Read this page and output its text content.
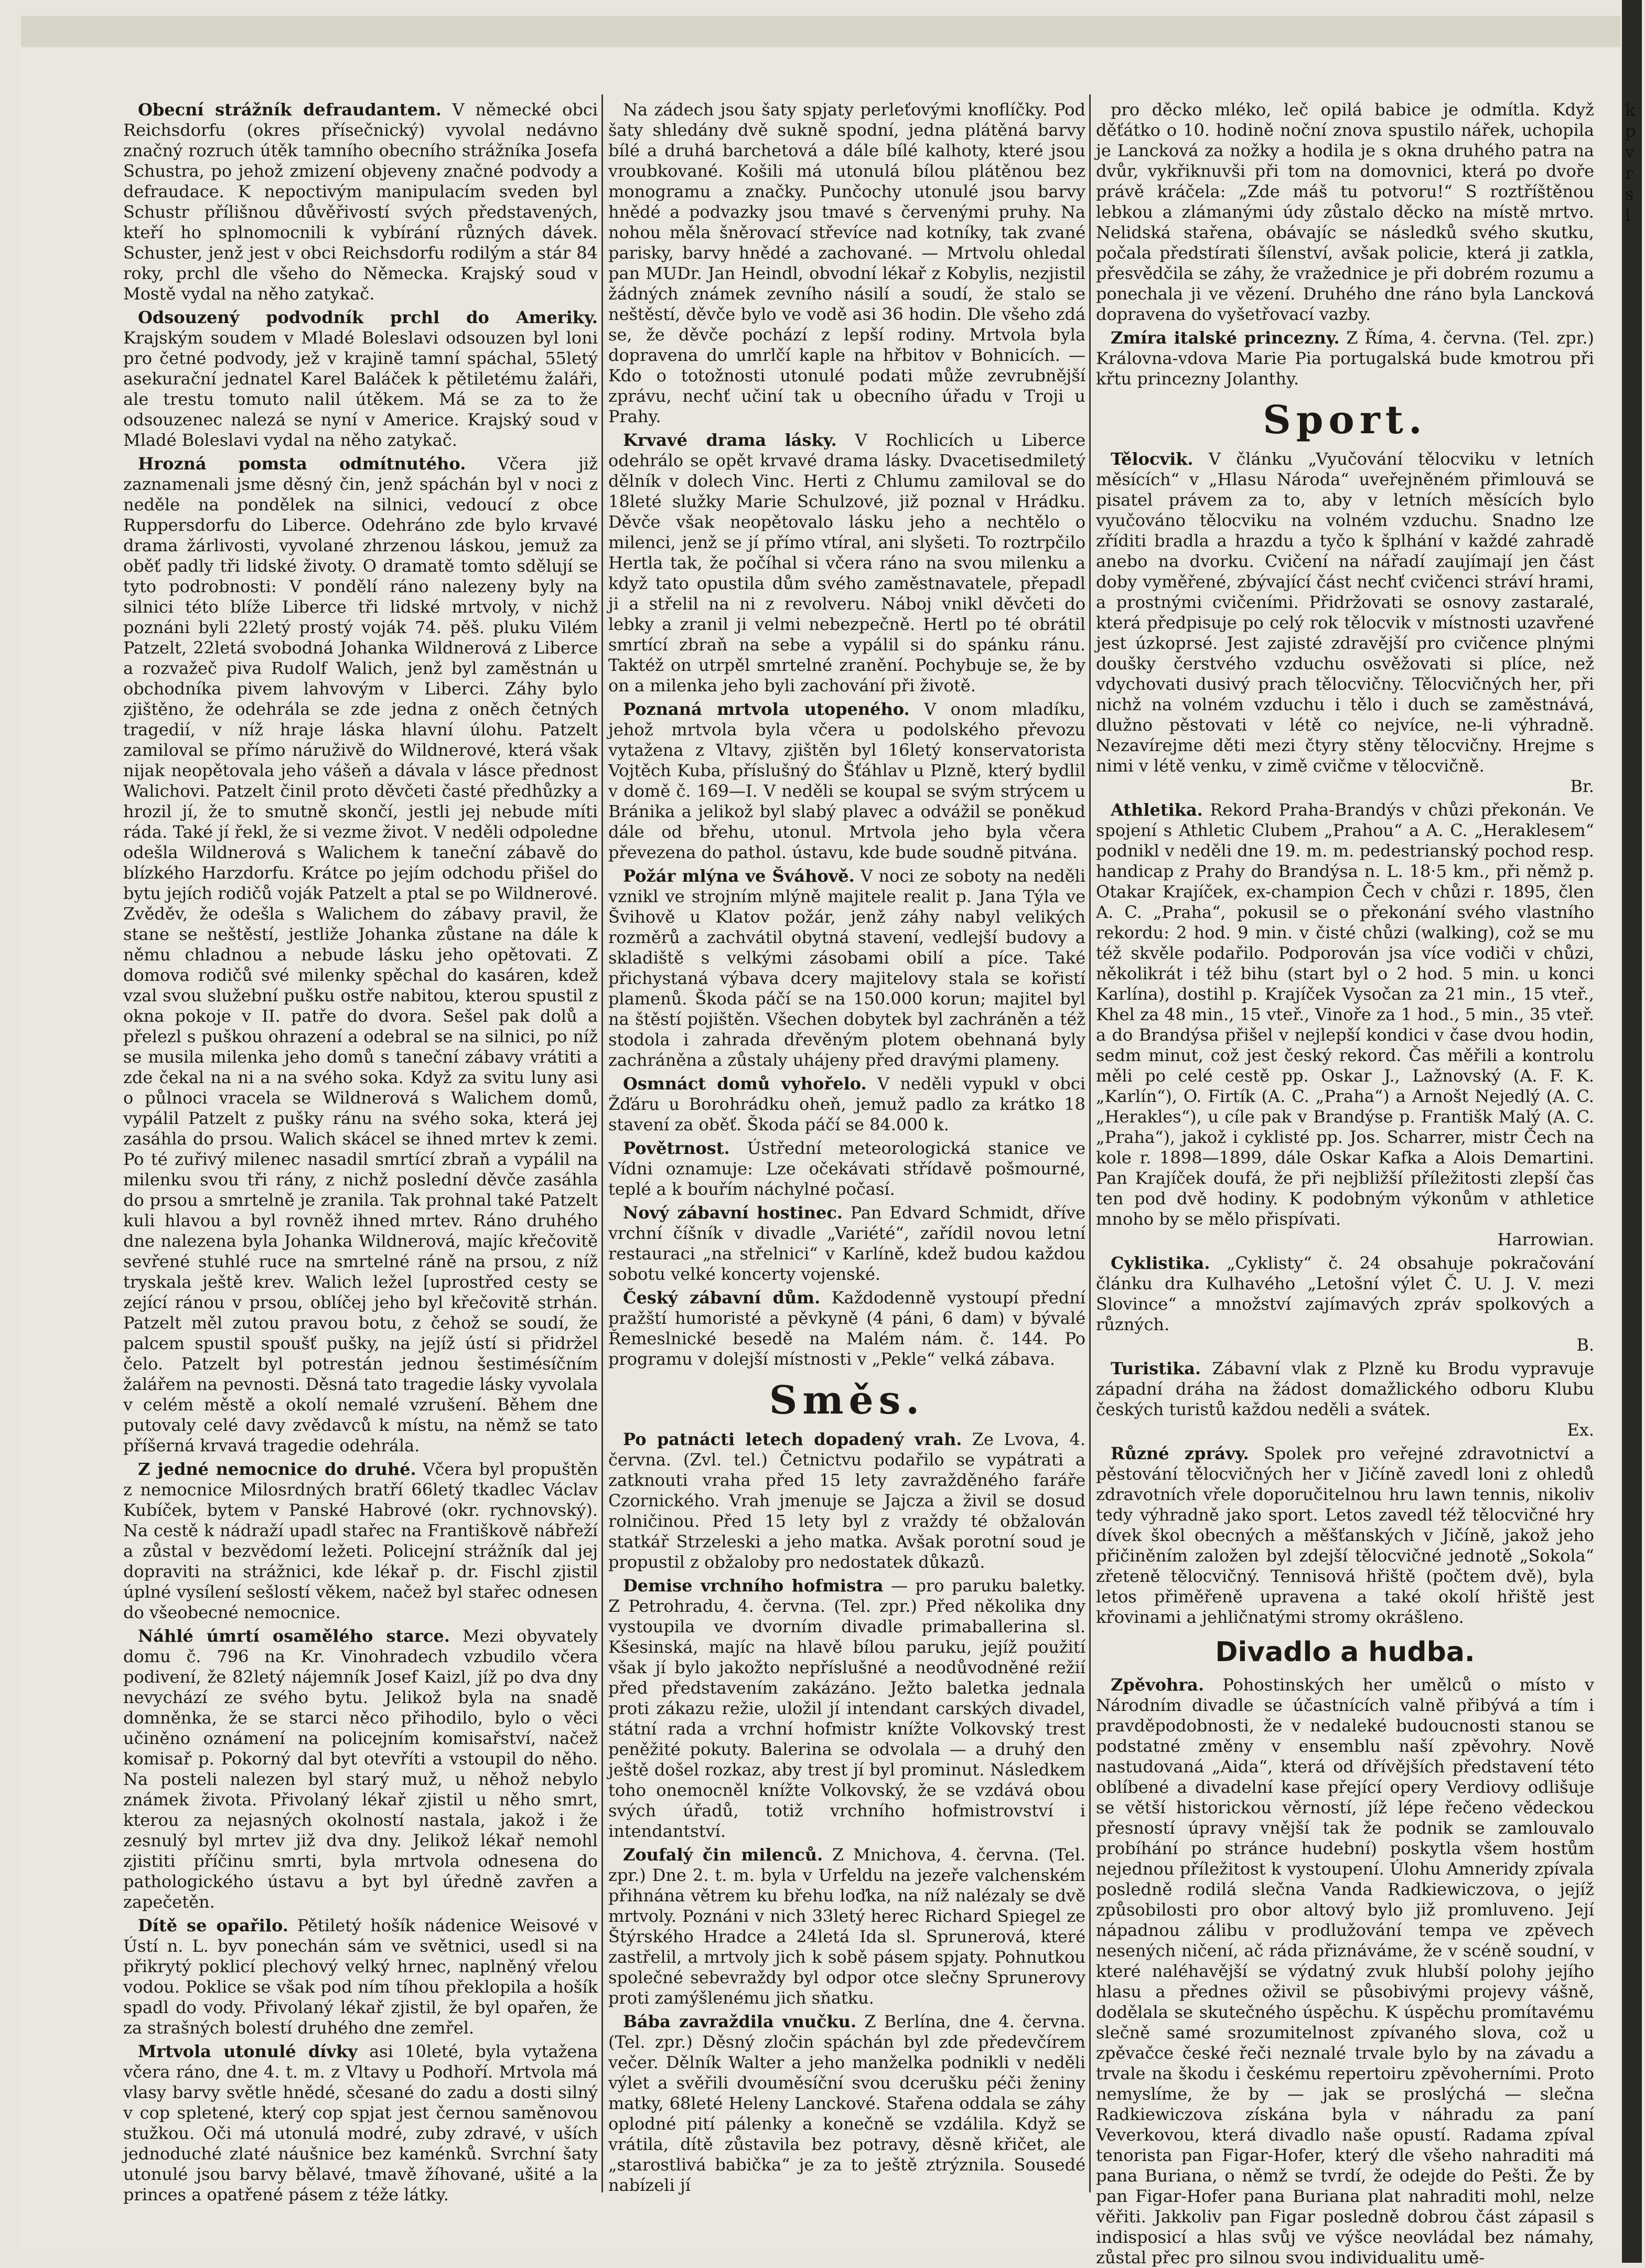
Obecní strážník defraudantem. V německé obci Reichsdorfu (okres přísečnický) vyvolal nedávno značný rozruch útěk tamního obecního strážníka Josefa Schustra, po jehož zmizení objeveny značné podvody a defraudace. K nepoctivým manipulacím sveden byl Schustr přílišnou důvěřivostí svých představených, kteří ho splnomocnili k vybírání různých dávek. Schuster, jenž jest v obci Reichsdorfu rodilým a stár 84 roky, prchl dle všeho do Německa. Krajský soud v Mostě vydal na něho zatykač.

Odsouzený podvodník prchl do Ameriky. Krajským soudem v Mladé Boleslavi odsouzen byl loni pro četné podvody, jež v krajině tamní spáchal, 55letý asekurační jednatel Karel Baláček k pětiletému žaláři, ale trestu tomuto nalil útěkem. Má se za to že odsouzenec nalezá se nyní v Americe. Krajský soud v Mladé Boleslavi vydal na něho zatykač.

Hrozná pomsta odmítnutého. Včera již zaznamenali jsme děsný čin, jenž spáchán byl v noci z neděle na pondělek na silnici, vedoucí z obce Ruppersdorfu do Liberce. Odehráno zde bylo krvavé drama žárlivosti, vyvolané zhrzenou láskou, jemuž za oběť padly tři lidské životy. O dramatě tomto sdělují se tyto podrobnosti: V pondělí ráno nalezeny byly na silnici této blíže Liberce tři lidské mrtvoly, v nichž poznáni byli 22letý prostý voják 74. pěš. pluku Vilém Patzelt, 22letá svobodná Johanka Wildnerová z Liberce a rozvažeč piva Rudolf Walich, jenž byl zaměstnán u obchodníka pivem lahvovým v Liberci. Záhy bylo zjištěno, že odehrála se zde jedna z oněch četných tragedií, v níž hraje láska hlavní úlohu. Patzelt zamiloval se přímo náruživě do Wildnerové, která však nijak neopětovala jeho vášeň a dávala v lásce přednost Walichovi. Patzelt činil proto děvčeti časté předhůzky a hrozil jí, že to smutně skončí, jestli jej nebude míti ráda. Také jí řekl, že si vezme život. V neděli odpoledne odešla Wildnerová s Walichem k taneční zábavě do blízkého Harzdorfu. Krátce po jejím odchodu přišel do bytu jejích rodičů voják Patzelt a ptal se po Wildnerové. Zvěděv, že odešla s Walichem do zábavy pravil, že stane se neštěstí, jestliže Johanka zůstane na dále k němu chladnou a nebude lásku jeho opětovati. Z domova rodičů své milenky spěchal do kasáren, kdež vzal svou služební pušku ostře nabitou, kterou spustil z okna pokoje v II. patře do dvora. Sešel pak dolů a přelezl s puškou ohrazení a odebral se na silnici, po níž se musila milenka jeho domů s taneční zábavy vrátiti a zde čekal na ni a na svého soka. Když za svitu luny asi o půlnoci vracela se Wildnerová s Walichem domů, vypálil Patzelt z pušky ránu na svého soka, která jej zasáhla do prsou. Walich skácel se ihned mrtev k zemi. Po té zuřivý milenec nasadil smrtící zbraň a vypálil na milenku svou tři rány, z nichž poslední děvče zasáhla do prsou a smrtelně je zranila. Tak prohnal také Patzelt kuli hlavou a byl rovněž ihned mrtev. Ráno druhého dne nalezena byla Johanka Wildnerová, majíc křečovitě sevřené stuhlé ruce na smrtelné ráně na prsou, z níž tryskala ještě krev. Walich ležel [uprostřed cesty se zející ránou v prsou, oblíčej jeho byl křečovitě strhán. Patzelt měl zutou pravou botu, z čehož se soudí, že palcem spustil spoušť pušky, na jejíž ústí si přidržel čelo. Patzelt byl potrestán jednou šestimésíčním žalářem na pevnosti. Děsná tato tragedie lásky vyvolala v celém městě a okolí nemalé vzrušení. Během dne putovaly celé davy zvědavců k místu, na němž se tato příšerná krvavá tragedie odehrála.

Z jedné nemocnice do druhé. Včera byl propuštěn z nemocnice Milosrdných bratří 66letý tkadlec Václav Kubíček, bytem v Panské Habrové (okr. rychnovský). Na cestě k nádraží upadl stařec na Františkově nábřeží a zůstal v bezvědomí ležeti. Policejní strážník dal jej dopraviti na strážnici, kde lékař p. dr. Fischl zjistil úplné vysílení sešlostí věkem, načež byl stařec odnesen do všeobecné nemocnice.

Náhlé úmrtí osamělého starce. Mezi obyvately domu č. 796 na Kr. Vinohradech vzbudilo včera podivení, že 82letý nájemník Josef Kaizl, jíž po dva dny nevychází ze svého bytu. Jelikož byla na snadě domněnka, že se starci něco přihodilo, bylo o věci učiněno oznámení na policejním komisařství, načež komisař p. Pokorný dal byt otevříti a vstoupil do něho. Na posteli nalezen byl starý muž, u něhož nebylo známek života. Přivolaný lékař zjistil u něho smrt, kterou za nejasných okolností nastala, jakož i že zesnulý byl mrtev již dva dny. Jelikož lékař nemohl zjistiti příčinu smrti, byla mrtvola odnesena do pathologického ústavu a byt byl úředně zavřen a zapečetěn.

Dítě se opařilo. Pětiletý hošík nádenice Weisové v Ústí n. L. byv ponechán sám ve světnici, usedl si na přikrytý poklicí plechový velký hrnec, naplněný vřelou vodou. Poklice se však pod ním tíhou překlopila a hošík spadl do vody. Přivolaný lékař zjistil, že byl opařen, že za strašných bolestí druhého dne zemřel.

Mrtvola utonulé dívky asi 10leté, byla vytažena včera ráno, dne 4. t. m. z Vltavy u Podhoří. Mrtvola má vlasy barvy světle hnědé, sčesané do zadu a dosti silný v cop spletené, který cop spjat jest černou saměnovou stužkou. Oči má utonulá modré, zuby zdravé, v uších jednoduché zlaté náušnice bez kaménků. Svrchní šaty utonulé jsou barvy bělavé, tmavě žíhované, ušité a la princes a opatřené pásem z téže látky.

Na zádech jsou šaty spjaty perleťovými knoflíčky. Pod šaty shledány dvě sukně spodní, jedna plátěná barvy bílé a druhá barchetová a dále bílé kalhoty, které jsou vroubkované. Košili má utonulá bílou plátěnou bez monogramu a značky. Punčochy utonulé jsou barvy hnědé a podvazky jsou tmavé s červenými pruhy. Na nohou měla šněrovací střevíce nad kotníky, tak zvané parisky, barvy hnědé a zachované. — Mrtvolu ohledal pan MUDr. Jan Heindl, obvodní lékař z Kobylis, nezjistil žádných známek zevního násilí a soudí, že stalo se neštěstí, děvče bylo ve vodě asi 36 hodin. Dle všeho zdá se, že děvče pochází z lepší rodiny. Mrtvola byla dopravena do umrlčí kaple na hřbitov v Bohnicích. — Kdo o totožnosti utonulé podati může zevrubnější zprávu, nechť učiní tak u obecního úřadu v Troji u Prahy.

Krvavé drama lásky. V Rochlicích u Liberce odehrálo se opět krvavé drama lásky. Dvacetisedmiletý dělník v dolech Vinc. Herti z Chlumu zamiloval se do 18leté služky Marie Schulzové, již poznal v Hrádku. Děvče však neopětovalo lásku jeho a nechtělo o milenci, jenž se jí přímo vtíral, ani slyšeti. To roztrpčilo Hertla tak, že počíhal si včera ráno na svou milenku a když tato opustila dům svého zaměstnavatele, přepadl ji a střelil na ni z revolveru. Náboj vnikl děvčeti do lebky a zranil ji velmi nebezpečně. Hertl po té obrátil smrtící zbraň na sebe a vypálil si do spánku ránu. Taktéž on utrpěl smrtelné zranění. Pochybuje se, že by on a milenka jeho byli zachování při životě.

Poznaná mrtvola utopeného. V onom mladíku, jehož mrtvola byla včera u podolského převozu vytažena z Vltavy, zjištěn byl 16letý konservatorista Vojtěch Kuba, příslušný do Šťáhlav u Plzně, který bydlil v domě č. 169—I. V neděli se koupal se svým strýcem u Bránika a jelikož byl slabý plavec a odvážil se poněkud dále od břehu, utonul. Mrtvola jeho byla včera převezena do pathol. ústavu, kde bude soudně pitvána.

Požár mlýna ve Šváhově. V noci ze soboty na neděli vznikl ve strojním mlýně majitele realit p. Jana Týla ve Švihově u Klatov požár, jenž záhy nabyl velikých rozměrů a zachvátil obytná stavení, vedlejší budovy a skladiště s velkými zásobami obilí a píce. Také přichystaná výbava dcery majitelovy stala se kořistí plamenů. Škoda páčí se na 150.000 korun; majitel byl na štěstí pojištěn. Všechen dobytek byl zachráněn a též stodola i zahrada dřevěným plotem obehnaná byly zachráněna a zůstaly uhájeny před dravými plameny.

Osmnáct domů vyhořelo. V neděli vypukl v obci Žďáru u Borohrádku oheň, jemuž padlo za krátko 18 stavení za oběť. Škoda páčí se 84.000 k.

Povětrnost. Ústřední meteorologická stanice ve Vídni oznamuje: Lze očekávati střídavě pošmourné, teplé a k bouřím náchylné počasí.

Nový zábavní hostinec. Pan Edvard Schmidt, dříve vrchní číšník v divadle „Variété“, zařídil novou letní restauraci „na střelnici“ v Karlíně, kdež budou každou sobotu velké koncerty vojenské.

Český zábavní dům. Každodenně vystoupí přední pražští humoristé a pěvkyně (4 páni, 6 dam) v bývalé Řemeslnické besedě na Malém nám. č. 144. Po programu v dolejší místnosti v „Pekle“ velká zábava.

Směs.

Po patnácti letech dopadený vrah. Ze Lvova, 4. června. (Zvl. tel.) Četnictvu podařilo se vypátrati a zatknouti vraha před 15 lety zavražděného faráře Czornického. Vrah jmenuje se Jajcza a živil se dosud rolničinou. Před 15 lety byl z vraždy té obžalován statkář Strzeleski a jeho matka. Avšak porotní soud je propustil z obžaloby pro nedostatek důkazů.

Demise vrchního hofmistra — pro paruku baletky. Z Petrohradu, 4. června. (Tel. zpr.) Před několika dny vystoupila ve dvorním divadle primaballerina sl. Kšesinská, majíc na hlavě bílou paruku, jejíž použití však jí bylo jakožto nepříslušné a neodůvodněné režií před představením zakázáno. Ježto baletka jednala proti zákazu režie, uložil jí intendant carských divadel, státní rada a vrchní hofmistr knížte Volkovský trest peněžité pokuty. Balerina se odvolala — a druhý den ještě došel rozkaz, aby trest jí byl prominut. Následkem toho onemocněl knížte Volkovský, že se vzdává obou svých úřadů, totiž vrchního hofmistrovství i intendantství.

Zoufalý čin milenců. Z Mnichova, 4. června. (Tel. zpr.) Dne 2. t. m. byla v Urfeldu na jezeře valchenském přihnána větrem ku břehu loďka, na níž nalézaly se dvě mrtvoly. Poznáni v nich 33letý herec Richard Spiegel ze Štýrského Hradce a 24letá Ida sl. Sprunerová, které zastřelil, a mrtvoly jich k sobě pásem spjaty. Pohnutkou společné sebevraždy byl odpor otce slečny Sprunerovy proti zamýšlenému jich sňatku.

Bába zavraždila vnučku. Z Berlína, dne 4. června. (Tel. zpr.) Děsný zločin spáchán byl zde předevčírem večer. Dělník Walter a jeho manželka podnikli v neděli výlet a svěřili dvouměsíční svou dcerušku péči ženiny matky, 68leté Heleny Lanckové. Stařena oddala se záhy oplodné pití pálenky a konečně se vzdálila. Když se vrátila, dítě zůstavila bez potravy, děsně křičet, ale „starostlivá babička“ je za to ještě ztrýznila. Sousedé nabízeli jí

pro děcko mléko, leč opilá babice je odmítla. Když děťátko o 10. hodině noční znova spustilo nářek, uchopila je Lancková za nožky a hodila je s okna druhého patra na dvůr, vykřiknuvši při tom na domovnici, která po dvoře právě kráčela: „Zde máš tu potvoru!“ S roztříštěnou lebkou a zlámanými údy zůstalo děcko na místě mrtvo. Nelidská stařena, obávajíc se následků svého skutku, počala předstírati šílenství, avšak policie, která ji zatkla, přesvědčila se záhy, že vražednice je při dobrém rozumu a ponechala ji ve vězení. Druhého dne ráno byla Lancková dopravena do vyšetřovací vazby.

Zmíra italské princezny. Z Říma, 4. června. (Tel. zpr.) Královna-vdova Marie Pia portugalská bude kmotrou při křtu princezny Jolanthy.

Sport.

Tělocvik. V článku „Vyučování tělocviku v letních měsících“ v „Hlasu Národa“ uveřejněném přimlouvá se pisatel právem za to, aby v letních měsících bylo vyučováno tělocviku na volném vzduchu. Snadno lze zříditi bradla a hrazdu a tyčo k šplhání v každé zahradě anebo na dvorku. Cvičení na nářadí zaujímají jen část doby vyměřené, zbývající část nechť cvičenci stráví hrami, a prostnými cvičeními. Přidržovati se osnovy zastaralé, která předpisuje po celý rok tělocvik v místnosti uzavřené jest úzkoprsé. Jest zajisté zdravější pro cvičence plnými doušky čerstvého vzduchu osvěžovati si plíce, než vdychovati dusivý prach tělocvičny. Tělocvičných her, při nichž na volném vzduchu i tělo i duch se zaměstnává, dlužno pěstovati v létě co nejvíce, ne-li výhradně. Nezavírejme děti mezi čtyry stěny tělocvičny. Hrejme s nimi v létě venku, v zimě cvičme v tělocvičně.

Br.

Athletika. Rekord Praha-Brandýs v chůzi překonán. Ve spojení s Athletic Clubem „Prahou“ a A. C. „Heraklesem“ podnikl v neděli dne 19. m. m. pedestrianský pochod resp. handicap z Prahy do Brandýsa n. L. 18·5 km., při němž p. Otakar Krajíček, ex-champion Čech v chůzi r. 1895, člen A. C. „Praha“, pokusil se o překonání svého vlastního rekordu: 2 hod. 9 min. v čisté chůzi (walking), což se mu též skvěle podařilo. Podporován jsa více vodiči v chůzi, několikrát i též bihu (start byl o 2 hod. 5 min. u konci Karlína), dostihl p. Krajíček Vysočan za 21 min., 15 vteř., Khel za 48 min., 15 vteř., Vinoře za 1 hod., 5 min., 35 vteř. a do Brandýsa přišel v nejlepší kondici v čase dvou hodin, sedm minut, což jest český rekord. Čas měřili a kontrolu měli po celé cestě pp. Oskar J., Lažnovský (A. F. K. „Karlín“), O. Firtík (A. C. „Praha“) a Arnošt Nejedlý (A. C. „Herakles“), u cíle pak v Brandýse p. Františk Malý (A. C. „Praha“), jakož i cyklisté pp. Jos. Scharrer, mistr Čech na kole r. 1898—1899, dále Oskar Kafka a Alois Demartini. Pan Krajíček doufá, že při nejbližší příležitosti zlepší čas ten pod dvě hodiny. K podobným výkonům v athletice mnoho by se mělo přispívati.

Harrowian.

Cyklistika. „Cyklisty“ č. 24 obsahuje pokračování článku dra Kulhavého „Letošní výlet Č. U. J. V. mezi Slovince“ a množství zajímavých zpráv spolkových a různých.

B.

Turistika. Zábavní vlak z Plzně ku Brodu vypravuje západní dráha na žádost domažlického odboru Klubu českých turistů každou neděli a svátek.

Ex.

Různé zprávy. Spolek pro veřejné zdravotnictví a pěstování tělocvičných her v Jičíně zavedl loni z ohledů zdravotních vřele doporučitelnou hru lawn tennis, nikoliv tedy výhradně jako sport. Letos zavedl též tělocvičné hry dívek škol obecných a měšťanských v Jičíně, jakož jeho přičiněním založen byl zdejší tělocvičné jednotě „Sokola“ zřeteně tělocvičný. Tennisová hřiště (počtem dvě), byla letos přiměřeně upravena a také okolí hřiště jest křovinami a jehličnatými stromy okrášleno.

Divadlo a hudba.

Zpěvohra. Pohostinských her umělců o místo v Národním divadle se účastnících valně přibývá a tím i pravděpodobnosti, že v nedaleké budoucnosti stanou se podstatné změny v ensemblu naší zpěvohry. Nově nastudovaná „Aida“, která od dřívějších představení této oblíbené a divadelní kase přející opery Verdiovy odlišuje se větší historickou věrností, jíž lépe řečeno vědeckou přesností úpravy vnější tak že podnik se zamlouvalo probíhání po stránce hudební) poskytla všem hostům nejednou příležitost k vystoupení. Úlohu Amneridy zpívala posledně rodilá slečna Vanda Radkiewiczova, o jejíž způsobilosti pro obor altový bylo již promluveno. Její nápadnou zálibu v prodlužování tempa ve zpěvech nesených ničení, ač ráda přiznáváme, že v scéně soudní, v které naléhavější se výdatný zvuk hlubší polohy jejího hlasu a přednes oživil se působivými projevy vášně, dodělala se skutečného úspěchu. K úspěchu promítavému slečně samé srozumitelnost zpívaného slova, což u zpěvačce české řeči neznalé trvale bylo by na závadu a trvale na škodu i českému repertoiru zpěvoherními. Proto nemyslíme, že by — jak se proslýchá — slečna Radkiewiczova získána byla v náhradu za paní Veverkovou, která divadlo naše opustí. Radama zpíval tenorista pan Figar-Hofer, který dle všeho nahraditi má pana Buriana, o němž se tvrdí, že odejde do Pešti. Že by pan Figar-Hofer pana Buriana plat nahraditi mohl, nelze věřiti. Jakkoliv pan Figar posledně dobrou část zápasil s indisposicí a hlas svůj ve výšce neovládal bez námahy, zůstal přec pro silnou svou individualitu umě-

k p v r s l
